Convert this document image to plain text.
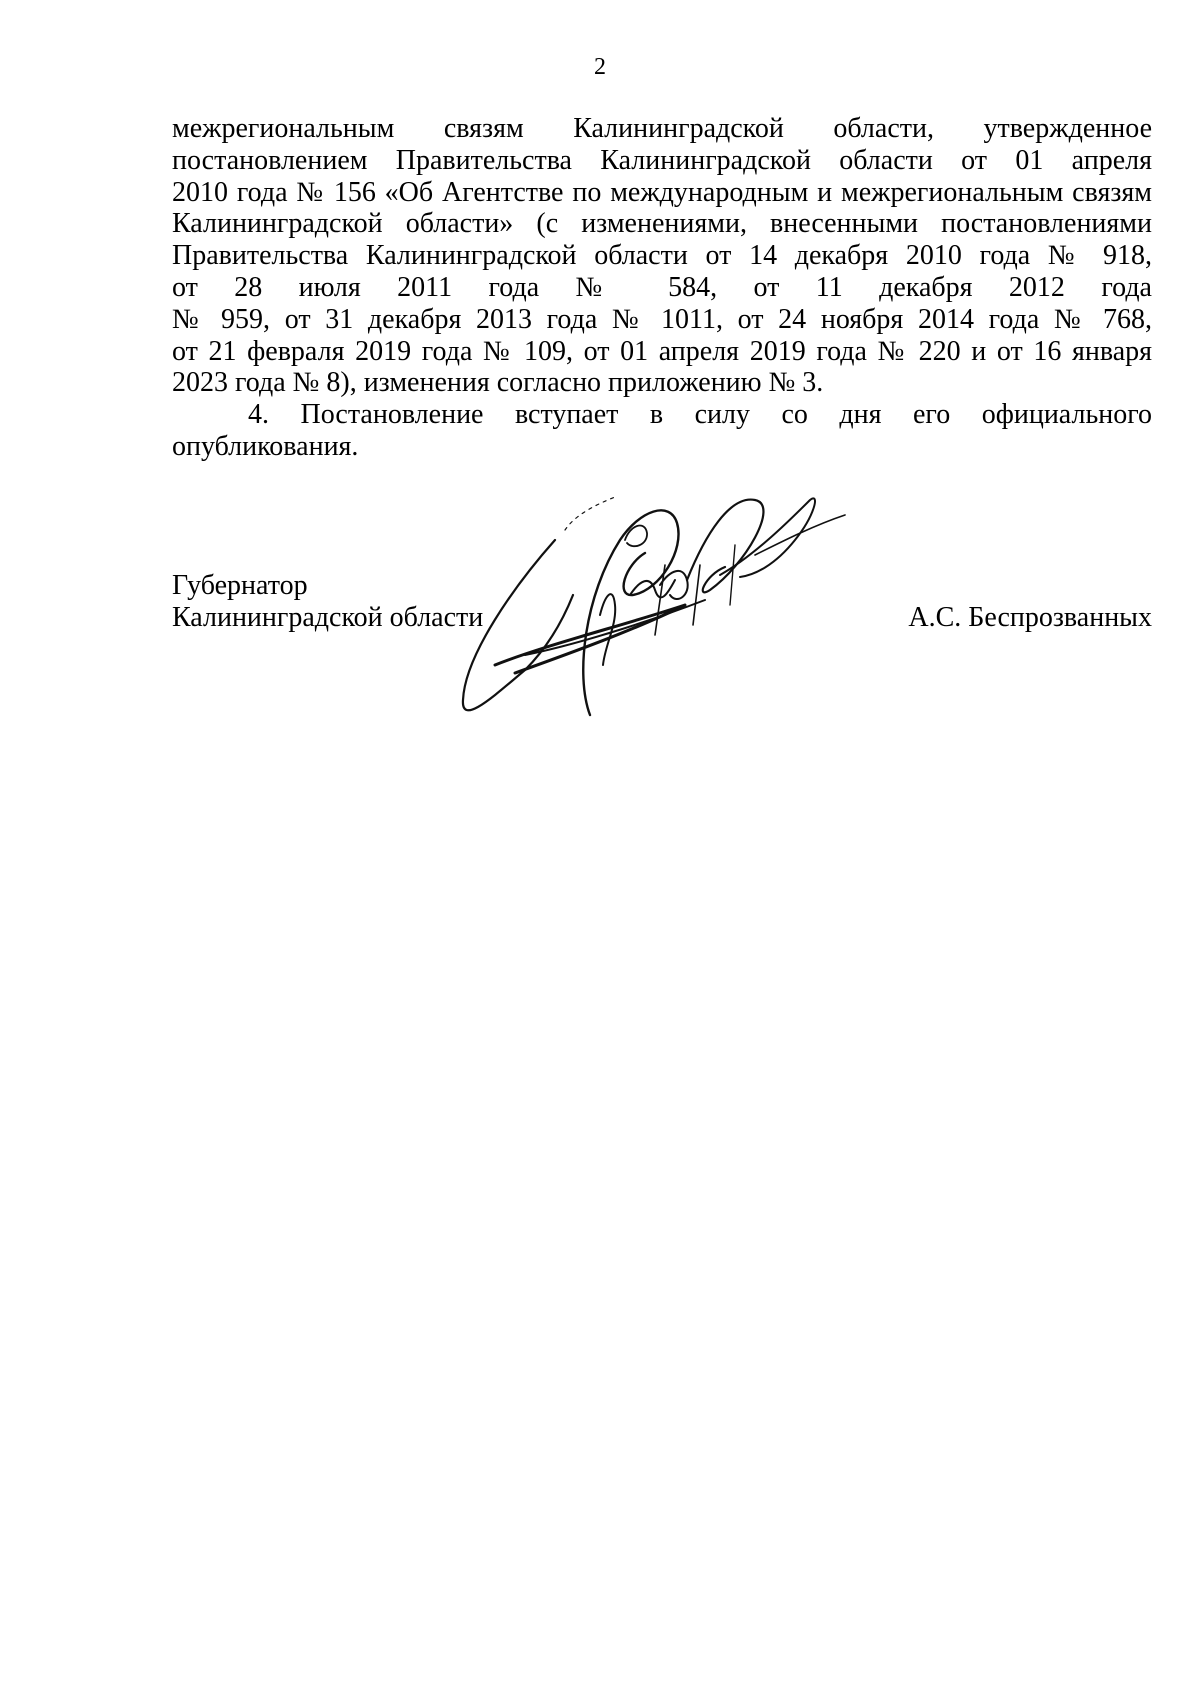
2

межрегиональным связям Калининградской области, утвержденное
постановлением Правительства Калининградской области от 01 апреля
2010 года № 156 «Об Агентстве по международным и межрегиональным связям
Калининградской области» (с изменениями, внесенными постановлениями
Правительства Калининградской области от 14 декабря 2010 года № 918,
от 28 июля 2011 года № 584, от 11 декабря 2012 года
№ 959, от 31 декабря 2013 года № 1011, от 24 ноября 2014 года № 768,
от 21 февраля 2019 года № 109, от 01 апреля 2019 года № 220 и от 16 января
2023 года № 8), изменения согласно приложению № 3.

4. Постановление вступает в силу со дня его официального
опубликования.

Губернатор
Калининградской области	А.С. Беспрозванных
